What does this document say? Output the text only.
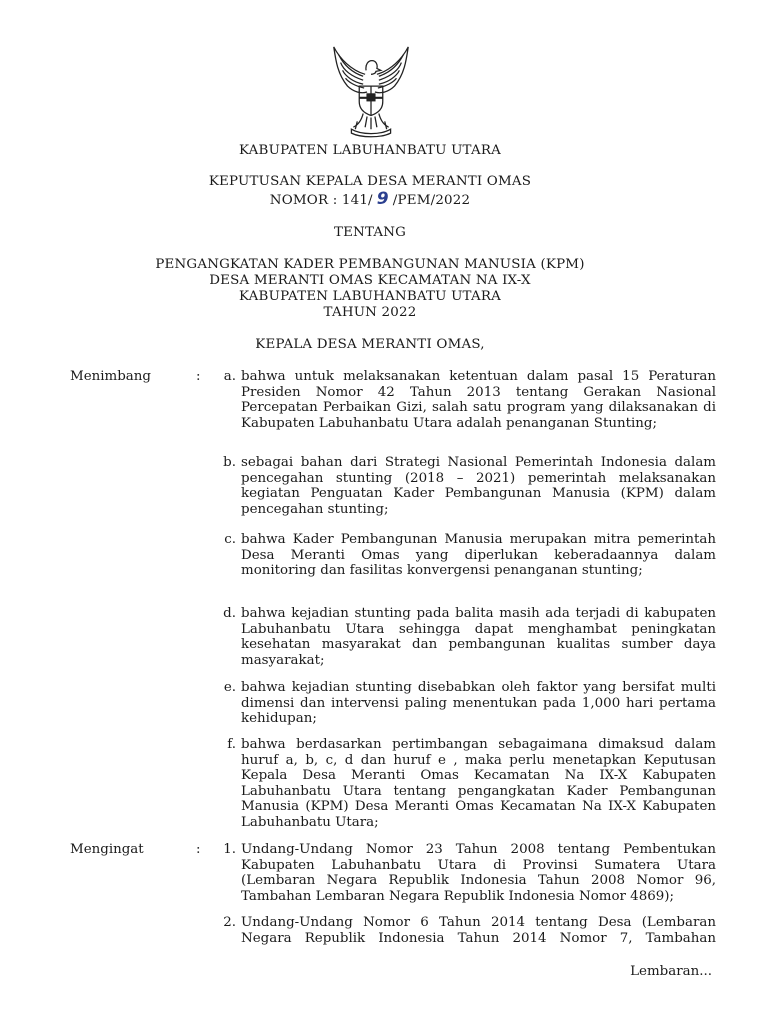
KABUPATEN LABUHANBATU UTARA
KEPUTUSAN KEPALA DESA MERANTI OMAS
NOMOR : 141/ 9 /PEM/2022
TENTANG
PENGANGKATAN KADER PEMBANGUNAN MANUSIA (KPM)
DESA MERANTI OMAS KECAMATAN NA IX-X
KABUPATEN LABUHANBATU UTARA
TAHUN 2022
KEPALA DESA MERANTI OMAS,
Menimbang	:	a. bahwa untuk melaksanakan ketentuan dalam pasal 15 Peraturan Presiden Nomor 42 Tahun 2013 tentang Gerakan Nasional Percepatan Perbaikan Gizi, salah satu program yang dilaksanakan di Kabupaten Labuhanbatu Utara adalah penanganan Stunting;
b. sebagai bahan dari Strategi Nasional Pemerintah Indonesia dalam pencegahan stunting (2018 – 2021) pemerintah melaksanakan kegiatan Penguatan Kader Pembangunan Manusia (KPM) dalam pencegahan stunting;
c. bahwa Kader Pembangunan Manusia merupakan mitra pemerintah Desa Meranti Omas yang diperlukan keberadaannya dalam monitoring dan fasilitas konvergensi penanganan stunting;
d. bahwa kejadian stunting pada balita masih ada terjadi di kabupaten Labuhanbatu Utara sehingga dapat menghambat peningkatan kesehatan masyarakat dan pembangunan kualitas sumber daya masyarakat;
e. bahwa kejadian stunting disebabkan oleh faktor yang bersifat multi dimensi dan intervensi paling menentukan pada 1,000 hari pertama kehidupan;
f. bahwa berdasarkan pertimbangan sebagaimana dimaksud dalam huruf a, b, c, d dan huruf e , maka perlu menetapkan Keputusan Kepala Desa Meranti Omas Kecamatan Na IX-X Kabupaten Labuhanbatu Utara tentang pengangkatan Kader Pembangunan Manusia (KPM) Desa Meranti Omas Kecamatan Na IX-X Kabupaten Labuhanbatu Utara;
Mengingat	:	1. Undang-Undang Nomor 23 Tahun 2008 tentang Pembentukan Kabupaten Labuhanbatu Utara di Provinsi Sumatera Utara (Lembaran Negara Republik Indonesia Tahun 2008 Nomor 96, Tambahan Lembaran Negara Republik Indonesia Nomor 4869);
2. Undang-Undang Nomor 6 Tahun 2014 tentang Desa (Lembaran Negara Republik Indonesia Tahun 2014 Nomor 7, Tambahan
Lembaran...
